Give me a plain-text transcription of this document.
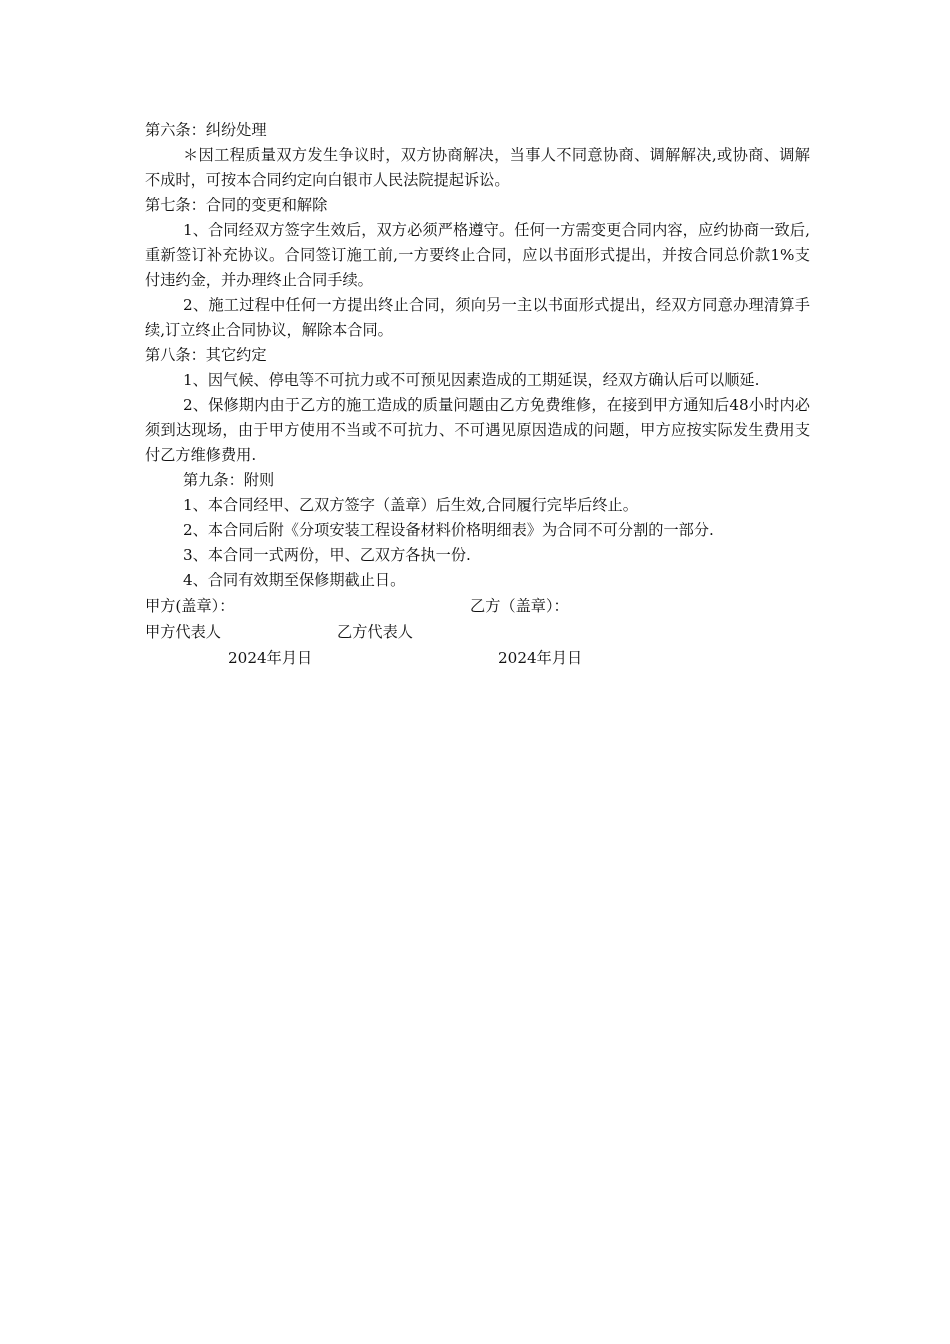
第六条：纠纷处理

＊因工程质量双方发生争议时，双方协商解决，当事人不同意协商、调解解决,或协商、调解不成时，可按本合同约定向白银市人民法院提起诉讼。

第七条：合同的变更和解除

1、合同经双方签字生效后，双方必须严格遵守。任何一方需变更合同内容，应约协商一致后,重新签订补充协议。合同签订施工前,一方要终止合同，应以书面形式提出，并按合同总价款1%支付违约金，并办理终止合同手续。

2、施工过程中任何一方提出终止合同，须向另一主以书面形式提出，经双方同意办理清算手续,订立终止合同协议，解除本合同。

第八条：其它约定

1、因气候、停电等不可抗力或不可预见因素造成的工期延误，经双方确认后可以顺延.

2、保修期内由于乙方的施工造成的质量问题由乙方免费维修，在接到甲方通知后48小时内必须到达现场，由于甲方使用不当或不可抗力、不可遇见原因造成的问题，甲方应按实际发生费用支付乙方维修费用.

第九条：附则

1、本合同经甲、乙双方签字（盖章）后生效,合同履行完毕后终止。

2、本合同后附《分项安装工程设备材料价格明细表》为合同不可分割的一部分.

3、本合同一式两份，甲、乙双方各执一份.

4、合同有效期至保修期截止日。

甲方(盖章）：	乙方（盖章）：
甲方代表人	乙方代表人
2024年月日	2024年月日
